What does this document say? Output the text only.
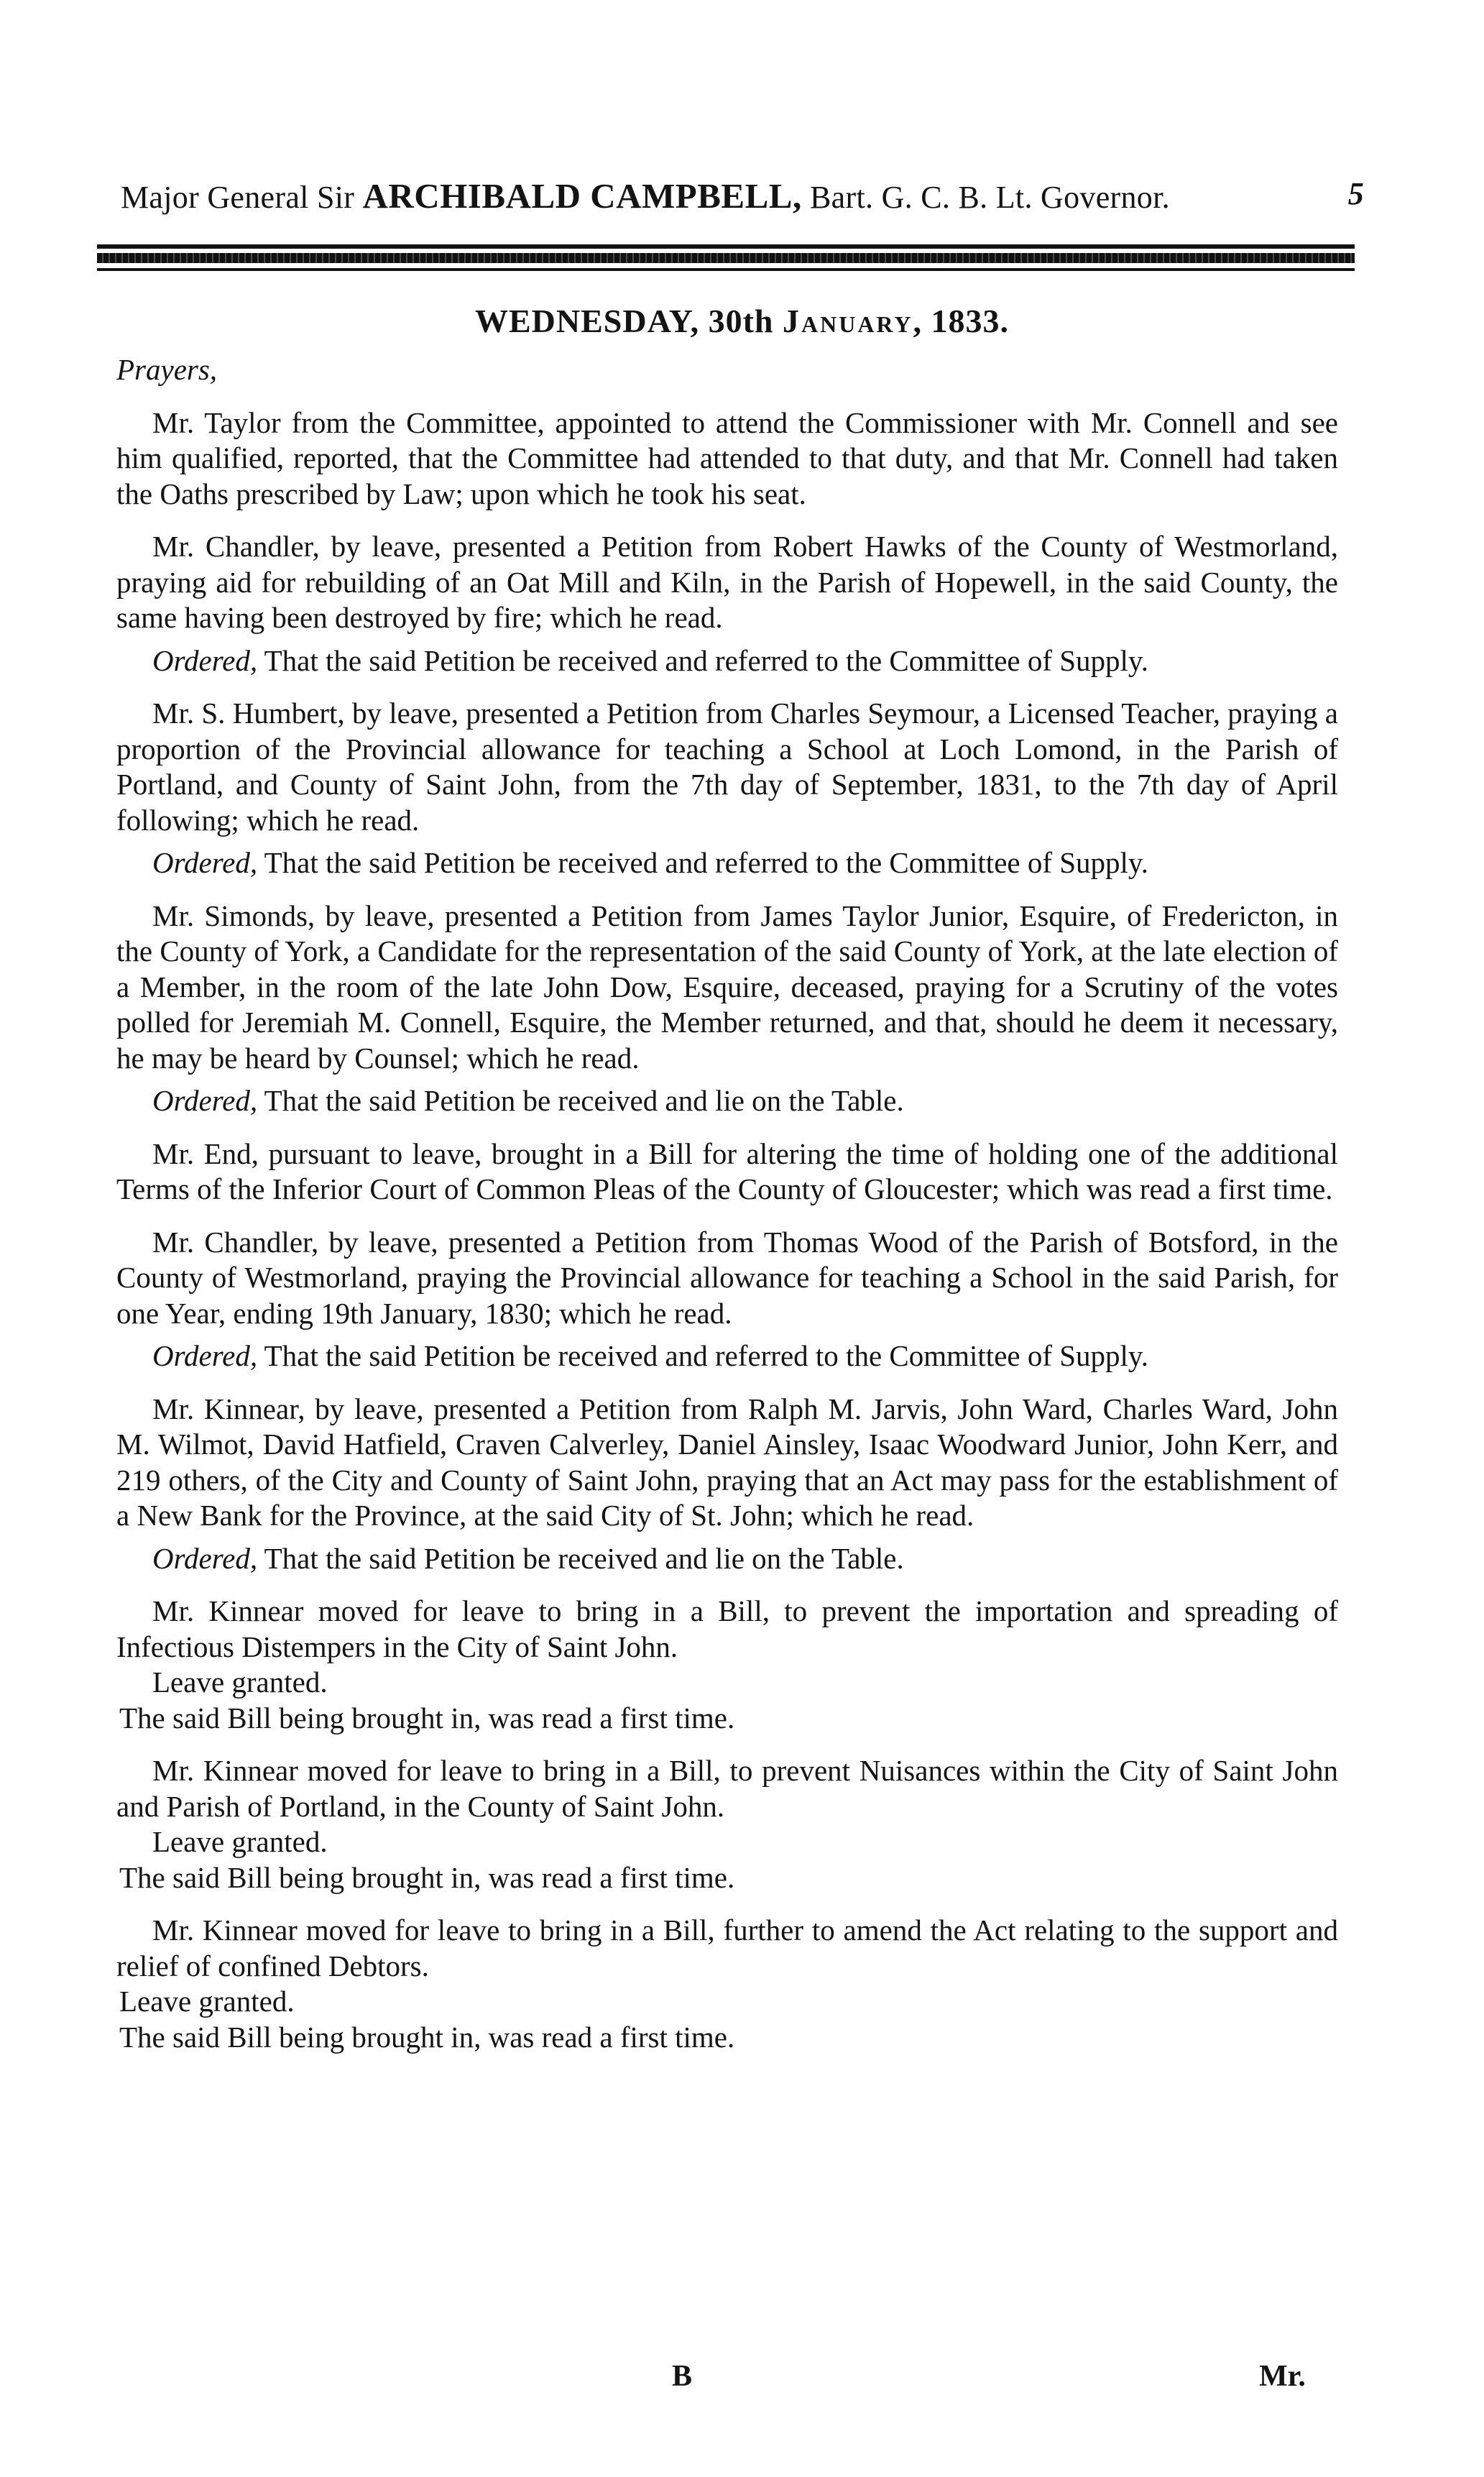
Major General Sir ARCHIBALD CAMPBELL, Bart. G. C. B. Lt. Governor.	5
WEDNESDAY, 30th January, 1833.

Prayers,

Mr. Taylor from the Committee, appointed to attend the Commissioner with Mr. Connell and see him qualified, reported, that the Committee had attended to that duty, and that Mr. Connell had taken the Oaths prescribed by Law; upon which he took his seat.

Mr. Chandler, by leave, presented a Petition from Robert Hawks of the County of Westmorland, praying aid for rebuilding of an Oat Mill and Kiln, in the Parish of Hopewell, in the said County, the same having been destroyed by fire; which he read.

Ordered, That the said Petition be received and referred to the Committee of Supply.

Mr. S. Humbert, by leave, presented a Petition from Charles Seymour, a Licensed Teacher, praying a proportion of the Provincial allowance for teaching a School at Loch Lomond, in the Parish of Portland, and County of Saint John, from the 7th day of September, 1831, to the 7th day of April following; which he read.

Ordered, That the said Petition be received and referred to the Committee of Supply.

Mr. Simonds, by leave, presented a Petition from James Taylor Junior, Esquire, of Fredericton, in the County of York, a Candidate for the representation of the said County of York, at the late election of a Member, in the room of the late John Dow, Esquire, deceased, praying for a Scrutiny of the votes polled for Jeremiah M. Connell, Esquire, the Member returned, and that, should he deem it necessary, he may be heard by Counsel; which he read.

Ordered, That the said Petition be received and lie on the Table.

Mr. End, pursuant to leave, brought in a Bill for altering the time of holding one of the additional Terms of the Inferior Court of Common Pleas of the County of Gloucester; which was read a first time.

Mr. Chandler, by leave, presented a Petition from Thomas Wood of the Parish of Botsford, in the County of Westmorland, praying the Provincial allowance for teaching a School in the said Parish, for one Year, ending 19th January, 1830; which he read.

Ordered, That the said Petition be received and referred to the Committee of Supply.

Mr. Kinnear, by leave, presented a Petition from Ralph M. Jarvis, John Ward, Charles Ward, John M. Wilmot, David Hatfield, Craven Calverley, Daniel Ainsley, Isaac Woodward Junior, John Kerr, and 219 others, of the City and County of Saint John, praying that an Act may pass for the establishment of a New Bank for the Province, at the said City of St. John; which he read.

Ordered, That the said Petition be received and lie on the Table.

Mr. Kinnear moved for leave to bring in a Bill, to prevent the importation and spreading of Infectious Distempers in the City of Saint John.

Leave granted.

The said Bill being brought in, was read a first time.

Mr. Kinnear moved for leave to bring in a Bill, to prevent Nuisances within the City of Saint John and Parish of Portland, in the County of Saint John.

Leave granted.

The said Bill being brought in, was read a first time.

Mr. Kinnear moved for leave to bring in a Bill, further to amend the Act relating to the support and relief of confined Debtors.

Leave granted.

The said Bill being brought in, was read a first time.

B	Mr.
